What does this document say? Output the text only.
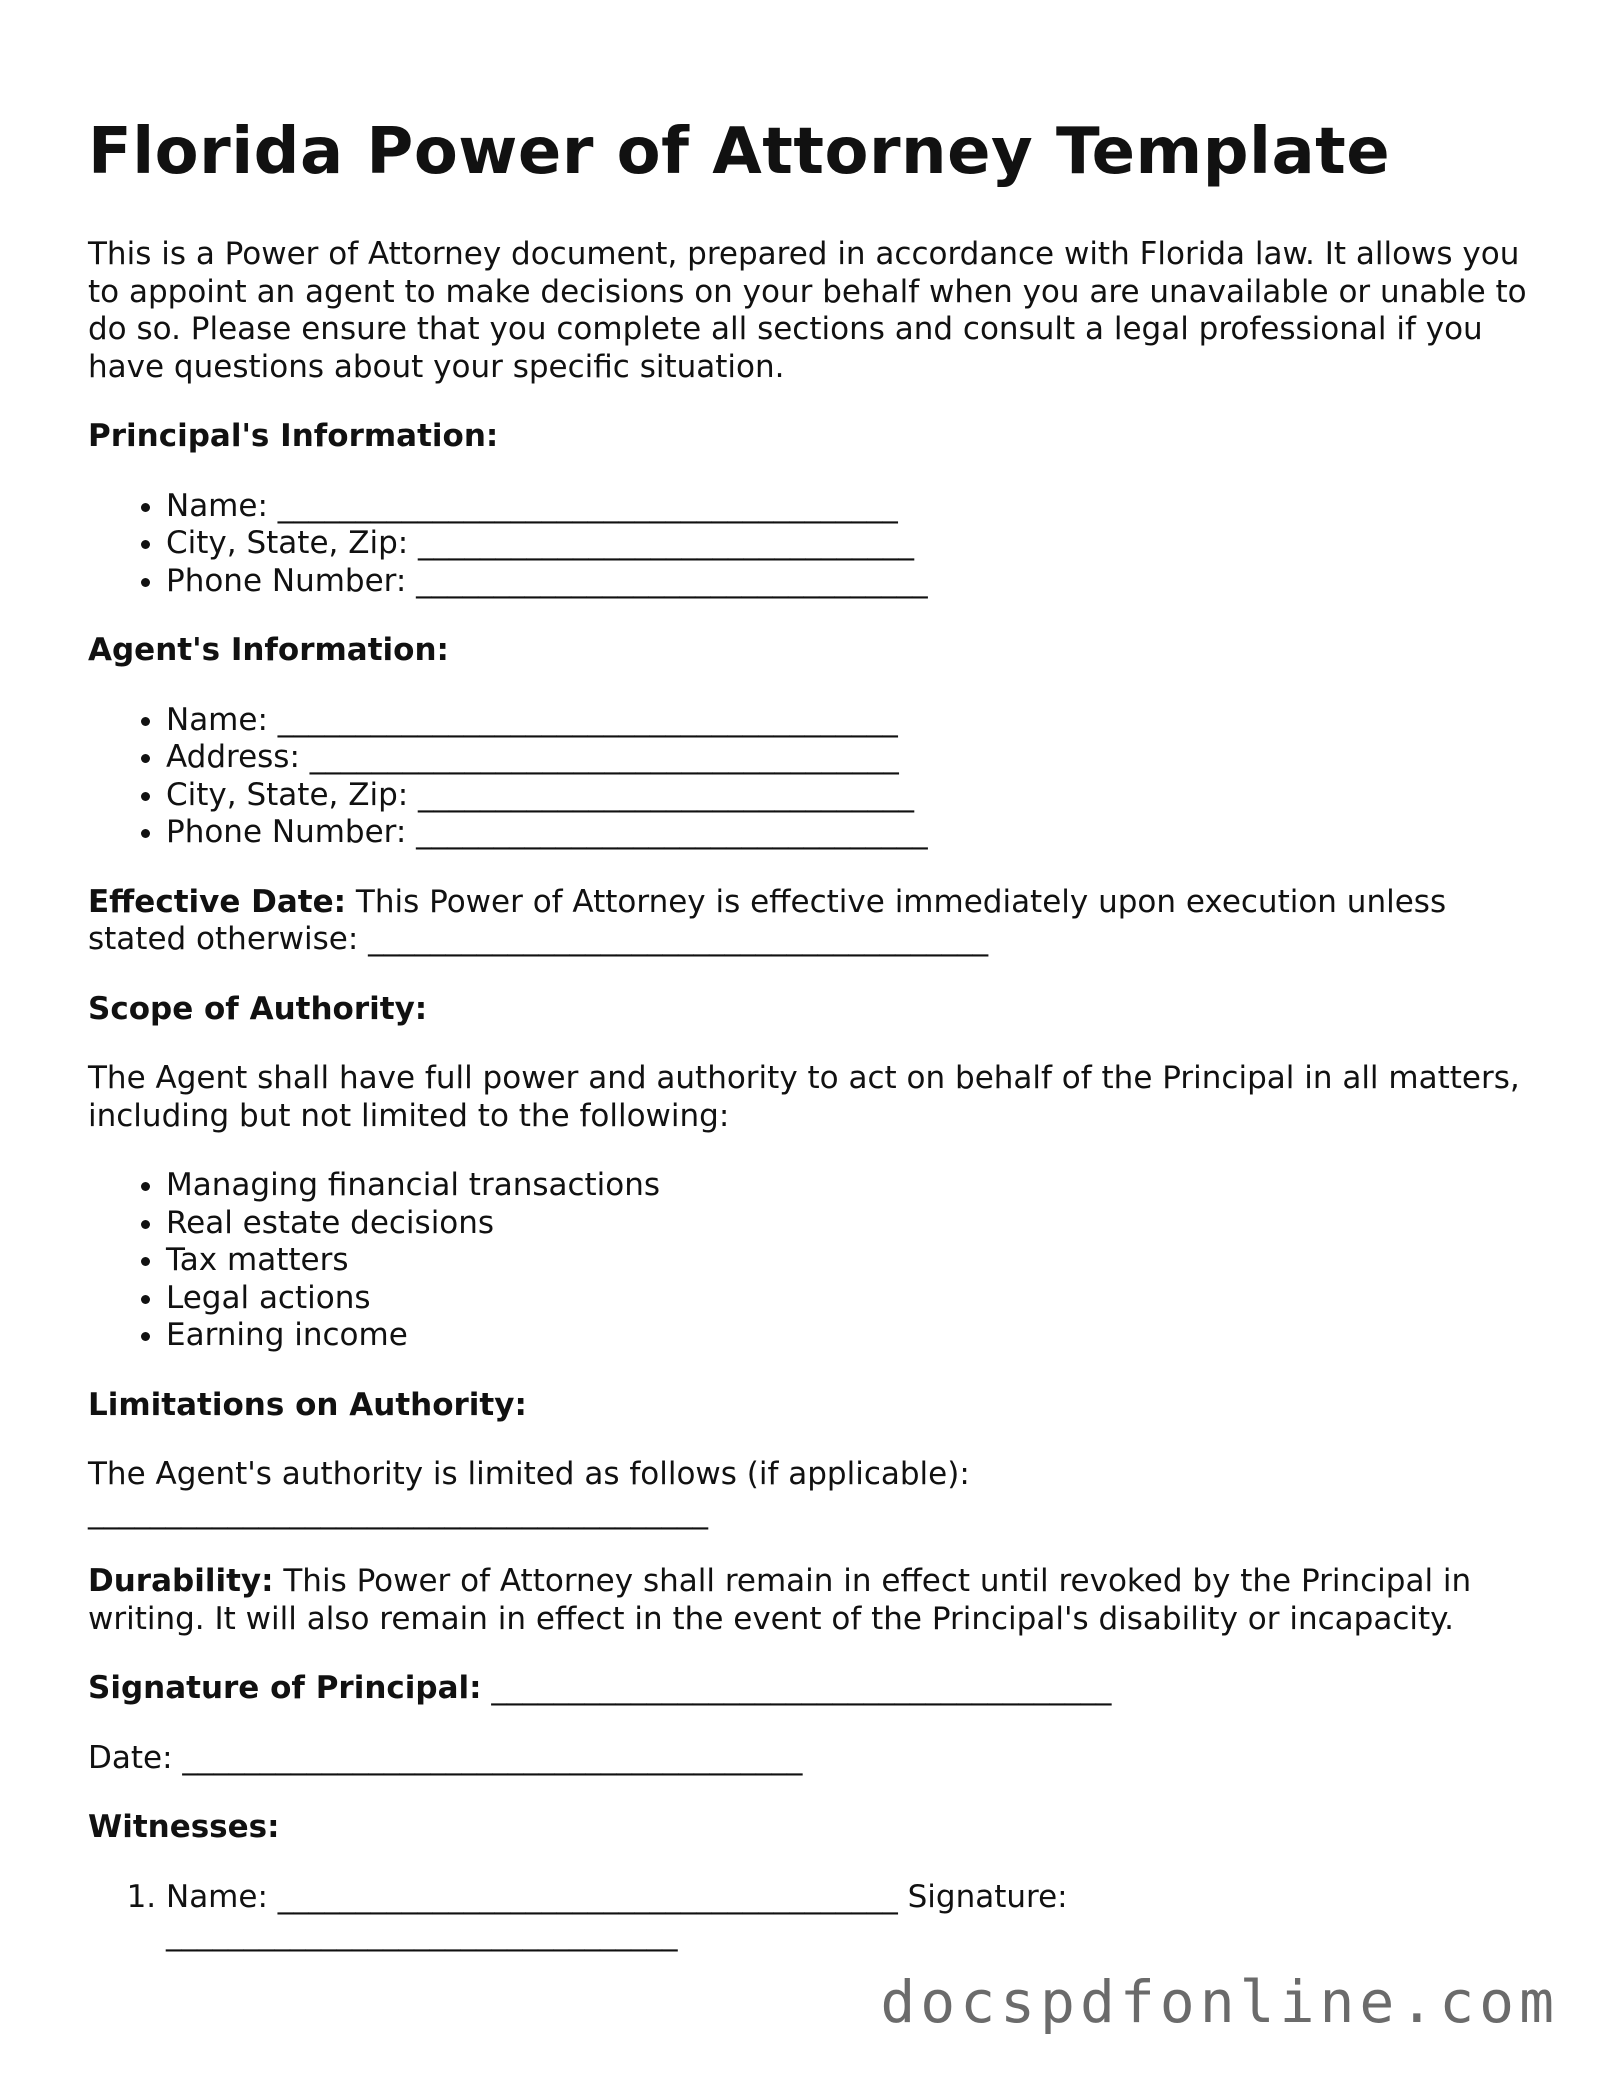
Florida Power of Attorney Template

This is a Power of Attorney document, prepared in accordance with Florida law. It allows you to appoint an agent to make decisions on your behalf when you are unavailable or unable to do so. Please ensure that you complete all sections and consult a legal professional if you have questions about your specific situation.

Principal's Information:
• Name: ________________________________________
• City, State, Zip: ________________________________
• Phone Number: _________________________________
Agent's Information:
• Name: ________________________________________
• Address: ______________________________________
• City, State, Zip: ________________________________
• Phone Number: _________________________________

Effective Date: This Power of Attorney is effective immediately upon execution unless stated otherwise: ________________________________________

Scope of Authority:

The Agent shall have full power and authority to act on behalf of the Principal in all matters, including but not limited to the following:

• Managing financial transactions
• Real estate decisions
• Tax matters
• Legal actions
• Earning income
Limitations on Authority:

The Agent's authority is limited as follows (if applicable): ________________________________________

Durability: This Power of Attorney shall remain in effect until revoked by the Principal in writing. It will also remain in effect in the event of the Principal's disability or incapacity.

Signature of Principal: ________________________________________

Date: ________________________________________

Witnesses:
1. Name: ________________________________________ Signature: _________________________________
docspdfonline.com
